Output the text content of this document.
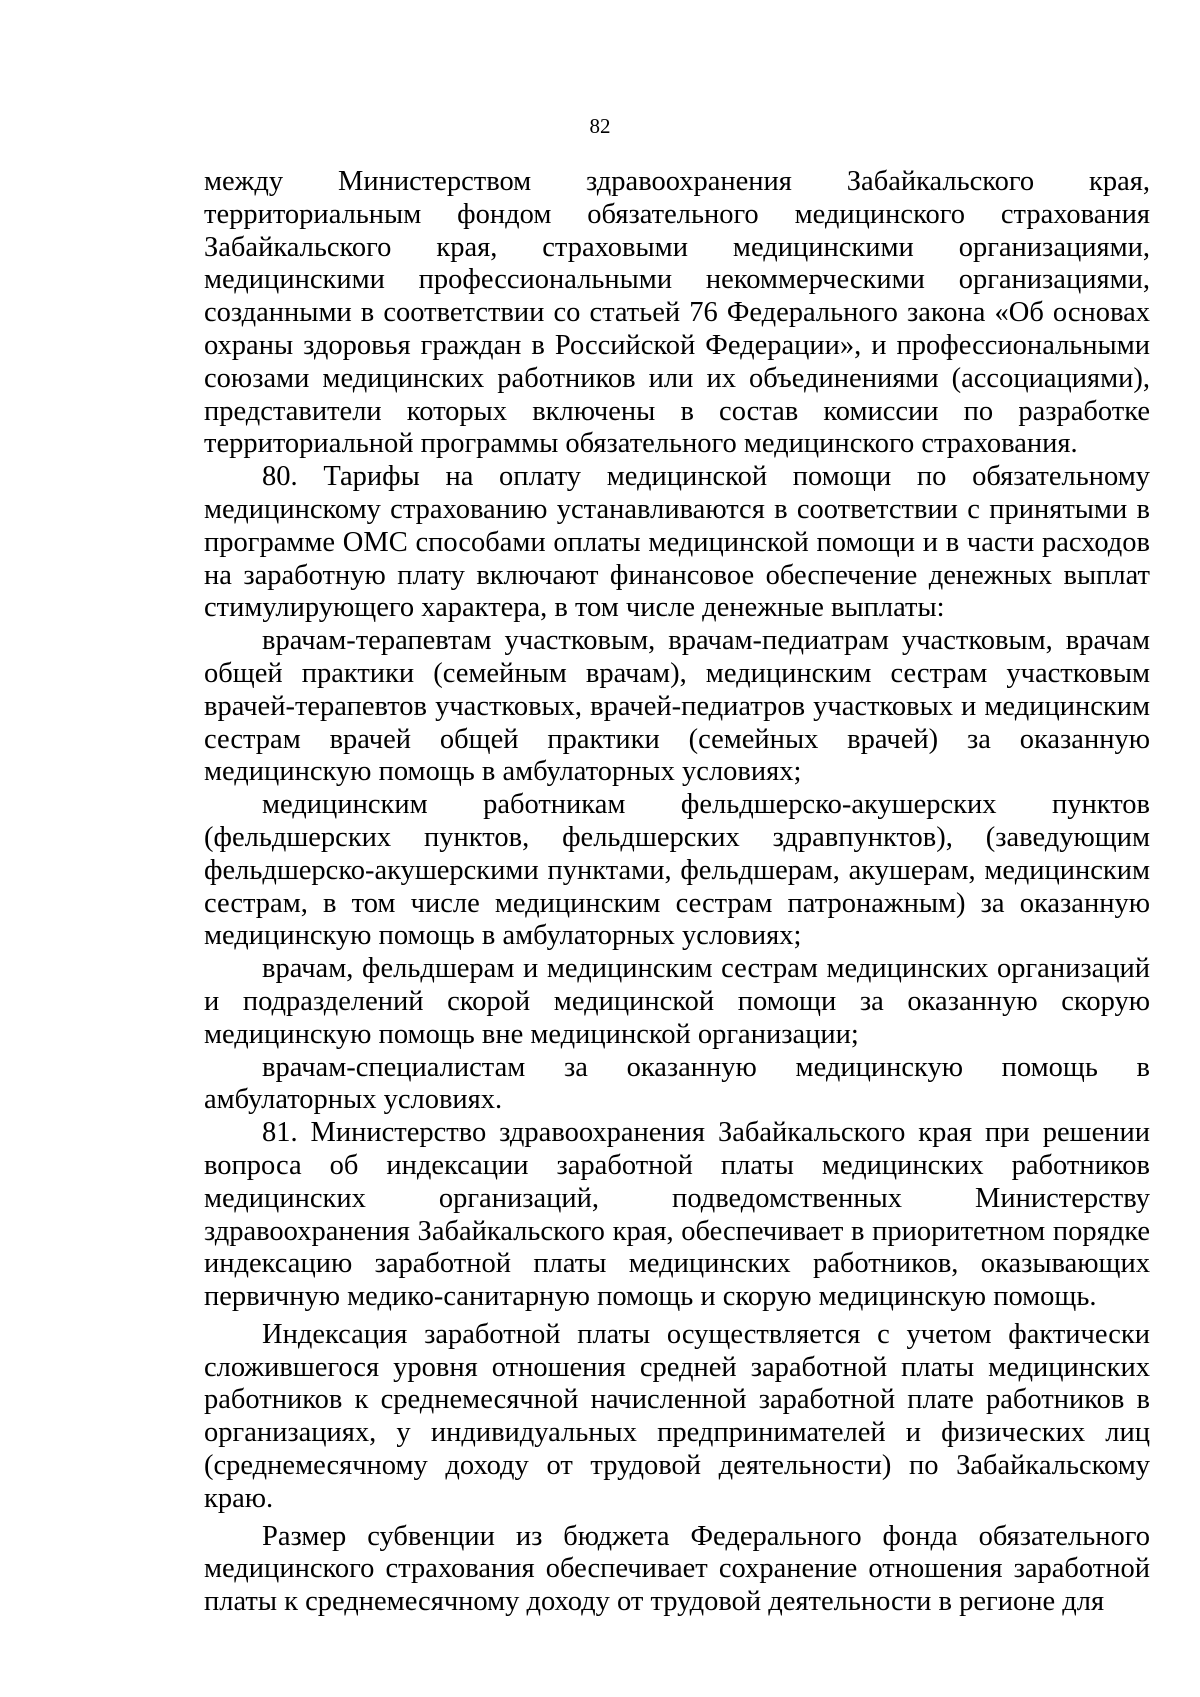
82

между Министерством здравоохранения Забайкальского края, территориальным фондом обязательного медицинского страхования Забайкальского края, страховыми медицинскими организациями, медицинскими профессиональными некоммерческими организациями, созданными в соответствии со статьей 76 Федерального закона «Об основах охраны здоровья граждан в Российской Федерации», и профессиональными союзами медицинских работников или их объединениями (ассоциациями), представители которых включены в состав комиссии по разработке территориальной программы обязательного медицинского страхования.

80. Тарифы на оплату медицинской помощи по обязательному медицинскому страхованию устанавливаются в соответствии с принятыми в программе ОМС способами оплаты медицинской помощи и в части расходов на заработную плату включают финансовое обеспечение денежных выплат стимулирующего характера, в том числе денежные выплаты:

врачам-терапевтам участковым, врачам-педиатрам участковым, врачам общей практики (семейным врачам), медицинским сестрам участковым врачей-терапевтов участковых, врачей-педиатров участковых и медицинским сестрам врачей общей практики (семейных врачей) за оказанную медицинскую помощь в амбулаторных условиях;

медицинским работникам фельдшерско-акушерских пунктов (фельдшерских пунктов, фельдшерских здравпунктов), (заведующим фельдшерско-акушерскими пунктами, фельдшерам, акушерам, медицинским сестрам, в том числе медицинским сестрам патронажным) за оказанную медицинскую помощь в амбулаторных условиях;

врачам, фельдшерам и медицинским сестрам медицинских организаций и подразделений скорой медицинской помощи за оказанную скорую медицинскую помощь вне медицинской организации;

врачам-специалистам за оказанную медицинскую помощь в амбулаторных условиях.

81. Министерство здравоохранения Забайкальского края при решении вопроса об индексации заработной платы медицинских работников медицинских организаций, подведомственных Министерству здравоохранения Забайкальского края, обеспечивает в приоритетном порядке индексацию заработной платы медицинских работников, оказывающих первичную медико-санитарную помощь и скорую медицинскую помощь.

Индексация заработной платы осуществляется с учетом фактически сложившегося уровня отношения средней заработной платы медицинских работников к среднемесячной начисленной заработной плате работников в организациях, у индивидуальных предпринимателей и физических лиц (среднемесячному доходу от трудовой деятельности) по Забайкальскому краю.

Размер субвенции из бюджета Федерального фонда обязательного медицинского страхования обеспечивает сохранение отношения заработной платы к среднемесячному доходу от трудовой деятельности в регионе для
